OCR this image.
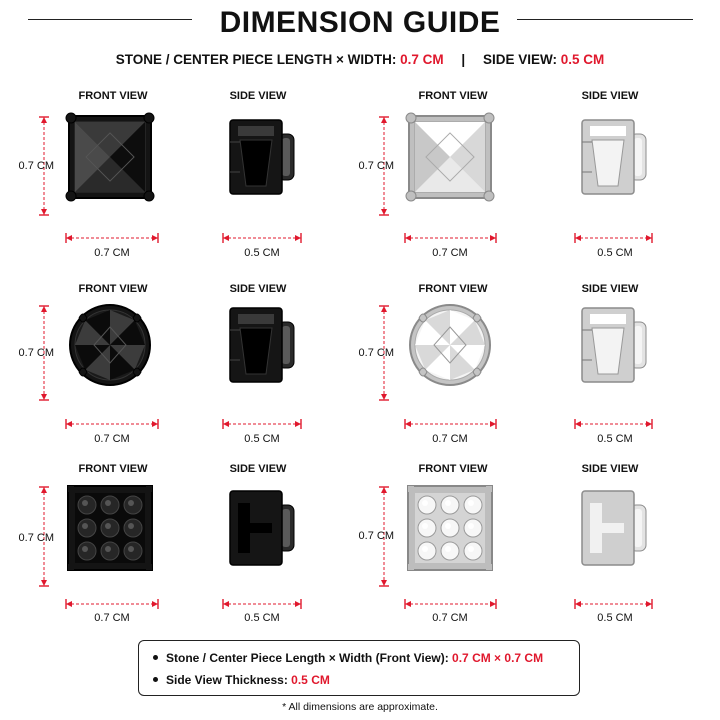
DIMENSION GUIDE
STONE / CENTER PIECE LENGTH × WIDTH: 0.7 CM | SIDE VIEW: 0.5 CM
FRONT VIEW	SIDE VIEW	FRONT VIEW	SIDE VIEW
0.7 CM	0.7 CM
0.7 CM	0.5 CM	0.7 CM	0.5 CM
FRONT VIEW	SIDE VIEW	FRONT VIEW	SIDE VIEW
0.7 CM	0.7 CM
0.7 CM	0.5 CM	0.7 CM	0.5 CM
FRONT VIEW	SIDE VIEW	FRONT VIEW	SIDE VIEW
0.7 CM	0.7 CM
0.7 CM	0.5 CM	0.7 CM	0.5 CM
Stone / Center Piece Length × Width (Front View): 0.7 CM × 0.7 CM
Side View Thickness: 0.5 CM
* All dimensions are approximate.
